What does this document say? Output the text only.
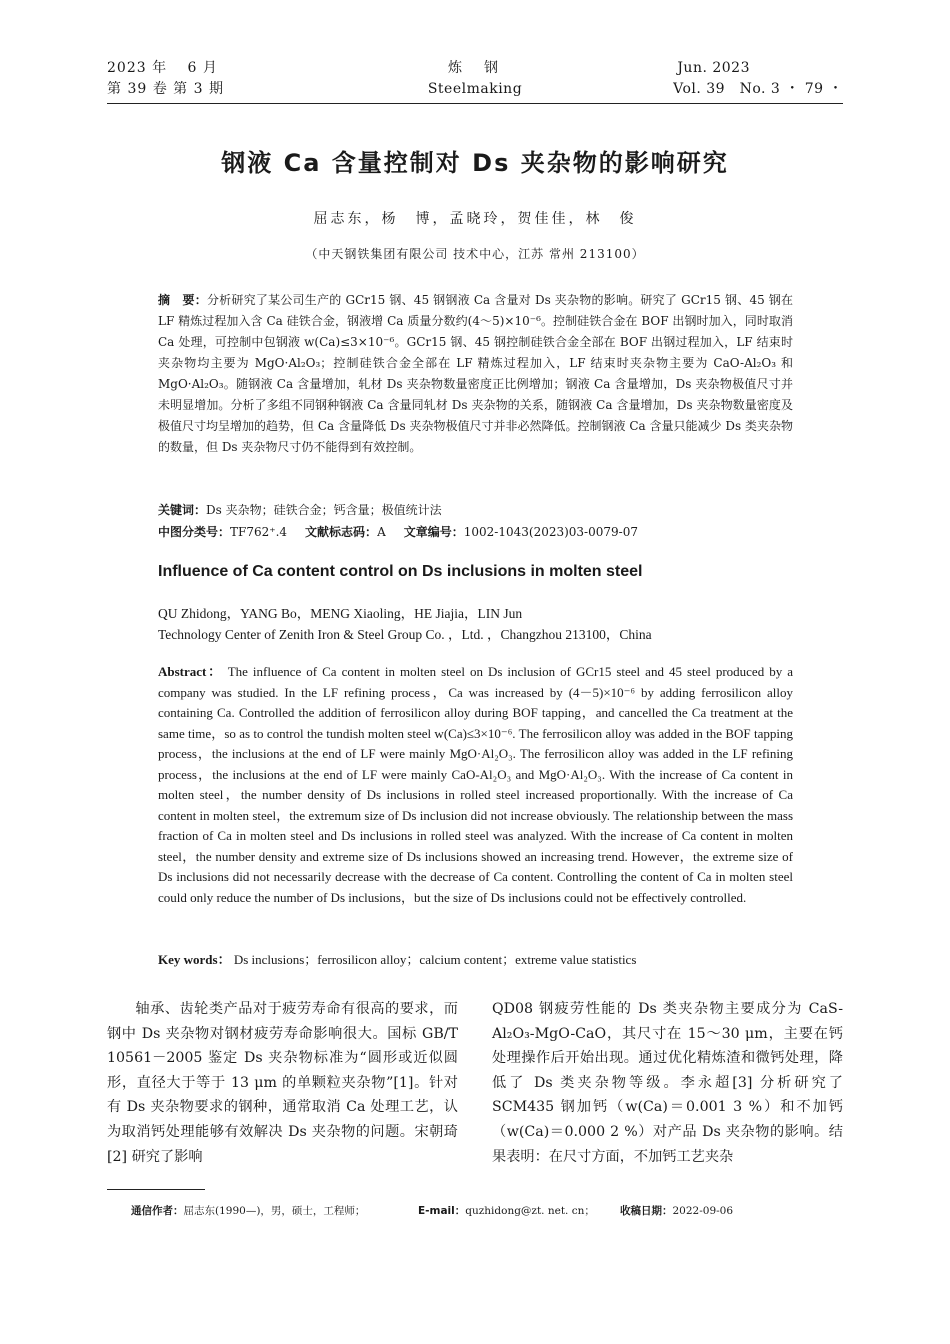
2023 年　 6 月
第 39 卷 第 3 期
炼　钢
Steelmaking
Jun. 2023
Vol. 39　No. 3 ・ 79 ・
钢液 Ca 含量控制对 Ds 夹杂物的影响研究
屈志东，杨　博，孟晓玲，贺佳佳，林　俊
（中天钢铁集团有限公司 技术中心，江苏 常州 213100）
摘　要：分析研究了某公司生产的 GCr15 钢、45 钢钢液 Ca 含量对 Ds 夹杂物的影响。研究了 GCr15 钢、45 钢在 LF 精炼过程加入含 Ca 硅铁合金，钢液增 Ca 质量分数约(4～5)×10⁻⁶。控制硅铁合金在 BOF 出钢时加入，同时取消 Ca 处理，可控制中包钢液 w(Ca)≤3×10⁻⁶。GCr15 钢、45 钢控制硅铁合金全部在 BOF 出钢过程加入，LF 结束时夹杂物均主要为 MgO·Al₂O₃；控制硅铁合金全部在 LF 精炼过程加入，LF 结束时夹杂物主要为 CaO-Al₂O₃ 和 MgO·Al₂O₃。随钢液 Ca 含量增加，轧材 Ds 夹杂物数量密度正比例增加；钢液 Ca 含量增加，Ds 夹杂物极值尺寸并未明显增加。分析了多组不同钢种钢液 Ca 含量同轧材 Ds 夹杂物的关系，随钢液 Ca 含量增加，Ds 夹杂物数量密度及极值尺寸均呈增加的趋势，但 Ca 含量降低 Ds 夹杂物极值尺寸并非必然降低。控制钢液 Ca 含量只能减少 Ds 类夹杂物的数量，但 Ds 夹杂物尺寸仍不能得到有效控制。
关键词：Ds 夹杂物；硅铁合金；钙含量；极值统计法
中图分类号：TF762⁺.4 文献标志码：A 文章编号：1002-1043(2023)03-0079-07
Influence of Ca content control on Ds inclusions in molten steel
QU Zhidong，YANG Bo，MENG Xiaoling，HE Jiajia，LIN Jun
Technology Center of Zenith Iron & Steel Group Co. ，Ltd. ，Changzhou 213100，China
Abstract： The influence of Ca content in molten steel on Ds inclusion of GCr15 steel and 45 steel produced by a company was studied. In the LF refining process，Ca was increased by (4－5)×10⁻⁶ by adding ferrosilicon alloy containing Ca. Controlled the addition of ferrosilicon alloy during BOF tapping，and cancelled the Ca treatment at the same time，so as to control the tundish molten steel w(Ca)≤3×10⁻⁶. The ferrosilicon alloy was added in the BOF tapping process，the inclusions at the end of LF were mainly MgO·Al₂O₃. The ferrosilicon alloy was added in the LF refining process，the inclusions at the end of LF were mainly CaO-Al₂O₃ and MgO·Al₂O₃. With the increase of Ca content in molten steel，the number density of Ds inclusions in rolled steel increased proportionally. With the increase of Ca content in molten steel，the extremum size of Ds inclusion did not increase obviously. The relationship between the mass fraction of Ca in molten steel and Ds inclusions in rolled steel was analyzed. With the increase of Ca content in molten steel，the number density and extreme size of Ds inclusions showed an increasing trend. However，the extreme size of Ds inclusions did not necessarily decrease with the decrease of Ca content. Controlling the content of Ca in molten steel could only reduce the number of Ds inclusions，but the size of Ds inclusions could not be effectively controlled.
Key words： Ds inclusions；ferrosilicon alloy；calcium content；extreme value statistics
轴承、齿轮类产品对于疲劳寿命有很高的要求，而钢中 Ds 夹杂物对钢材疲劳寿命影响很大。国标 GB/T 10561－2005 鉴定 Ds 夹杂物标准为“圆形或近似圆形，直径大于等于 13 μm 的单颗粒夹杂物”[1]。针对有 Ds 夹杂物要求的钢种，通常取消 Ca 处理工艺，认为取消钙处理能够有效解决 Ds 夹杂物的问题。宋朝琦[2] 研究了影响
QD08 钢疲劳性能的 Ds 类夹杂物主要成分为 CaS-Al₂O₃-MgO-CaO，其尺寸在 15～30 μm，主要在钙处理操作后开始出现。通过优化精炼渣和微钙处理，降低了 Ds 类夹杂物等级。李永超[3] 分析研究了 SCM435 钢加钙（w(Ca)＝0.001 3 %）和不加钙（w(Ca)＝0.000 2 %）对产品 Ds 夹杂物的影响。结果表明：在尺寸方面，不加钙工艺夹杂
通信作者：屈志东(1990—)，男，硕士，工程师；	E-mail：quzhidong@zt. net. cn； 收稿日期：2022-09-06
